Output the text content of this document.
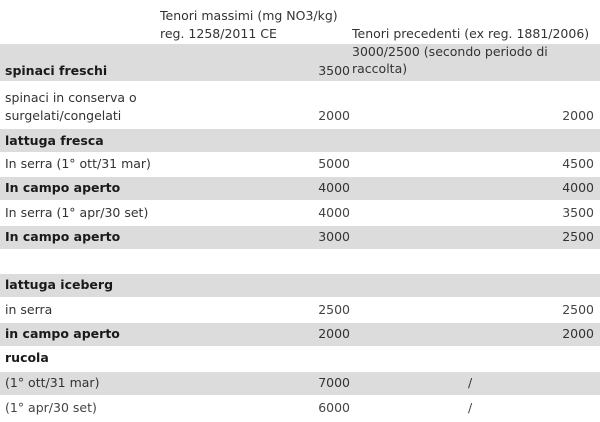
Tenori massimi (mg NO3/kg)
reg. 1258/2011 CE	Tenori precedenti (ex reg. 1881/2006)
3000/2500 (secondo periodo di
raccolta)
spinaci freschi	3500
spinaci in conserva o
surgelati/congelati	2000	2000
lattuga fresca
In serra (1° ott/31 mar)	5000	4500
In campo aperto	4000	4000
In serra (1° apr/30 set)	4000	3500
In campo aperto	3000	2500
lattuga iceberg
in serra	2500	2500
in campo aperto	2000	2000
rucola
(1° ott/31 mar)	7000	/
(1° apr/30 set)	6000	/
